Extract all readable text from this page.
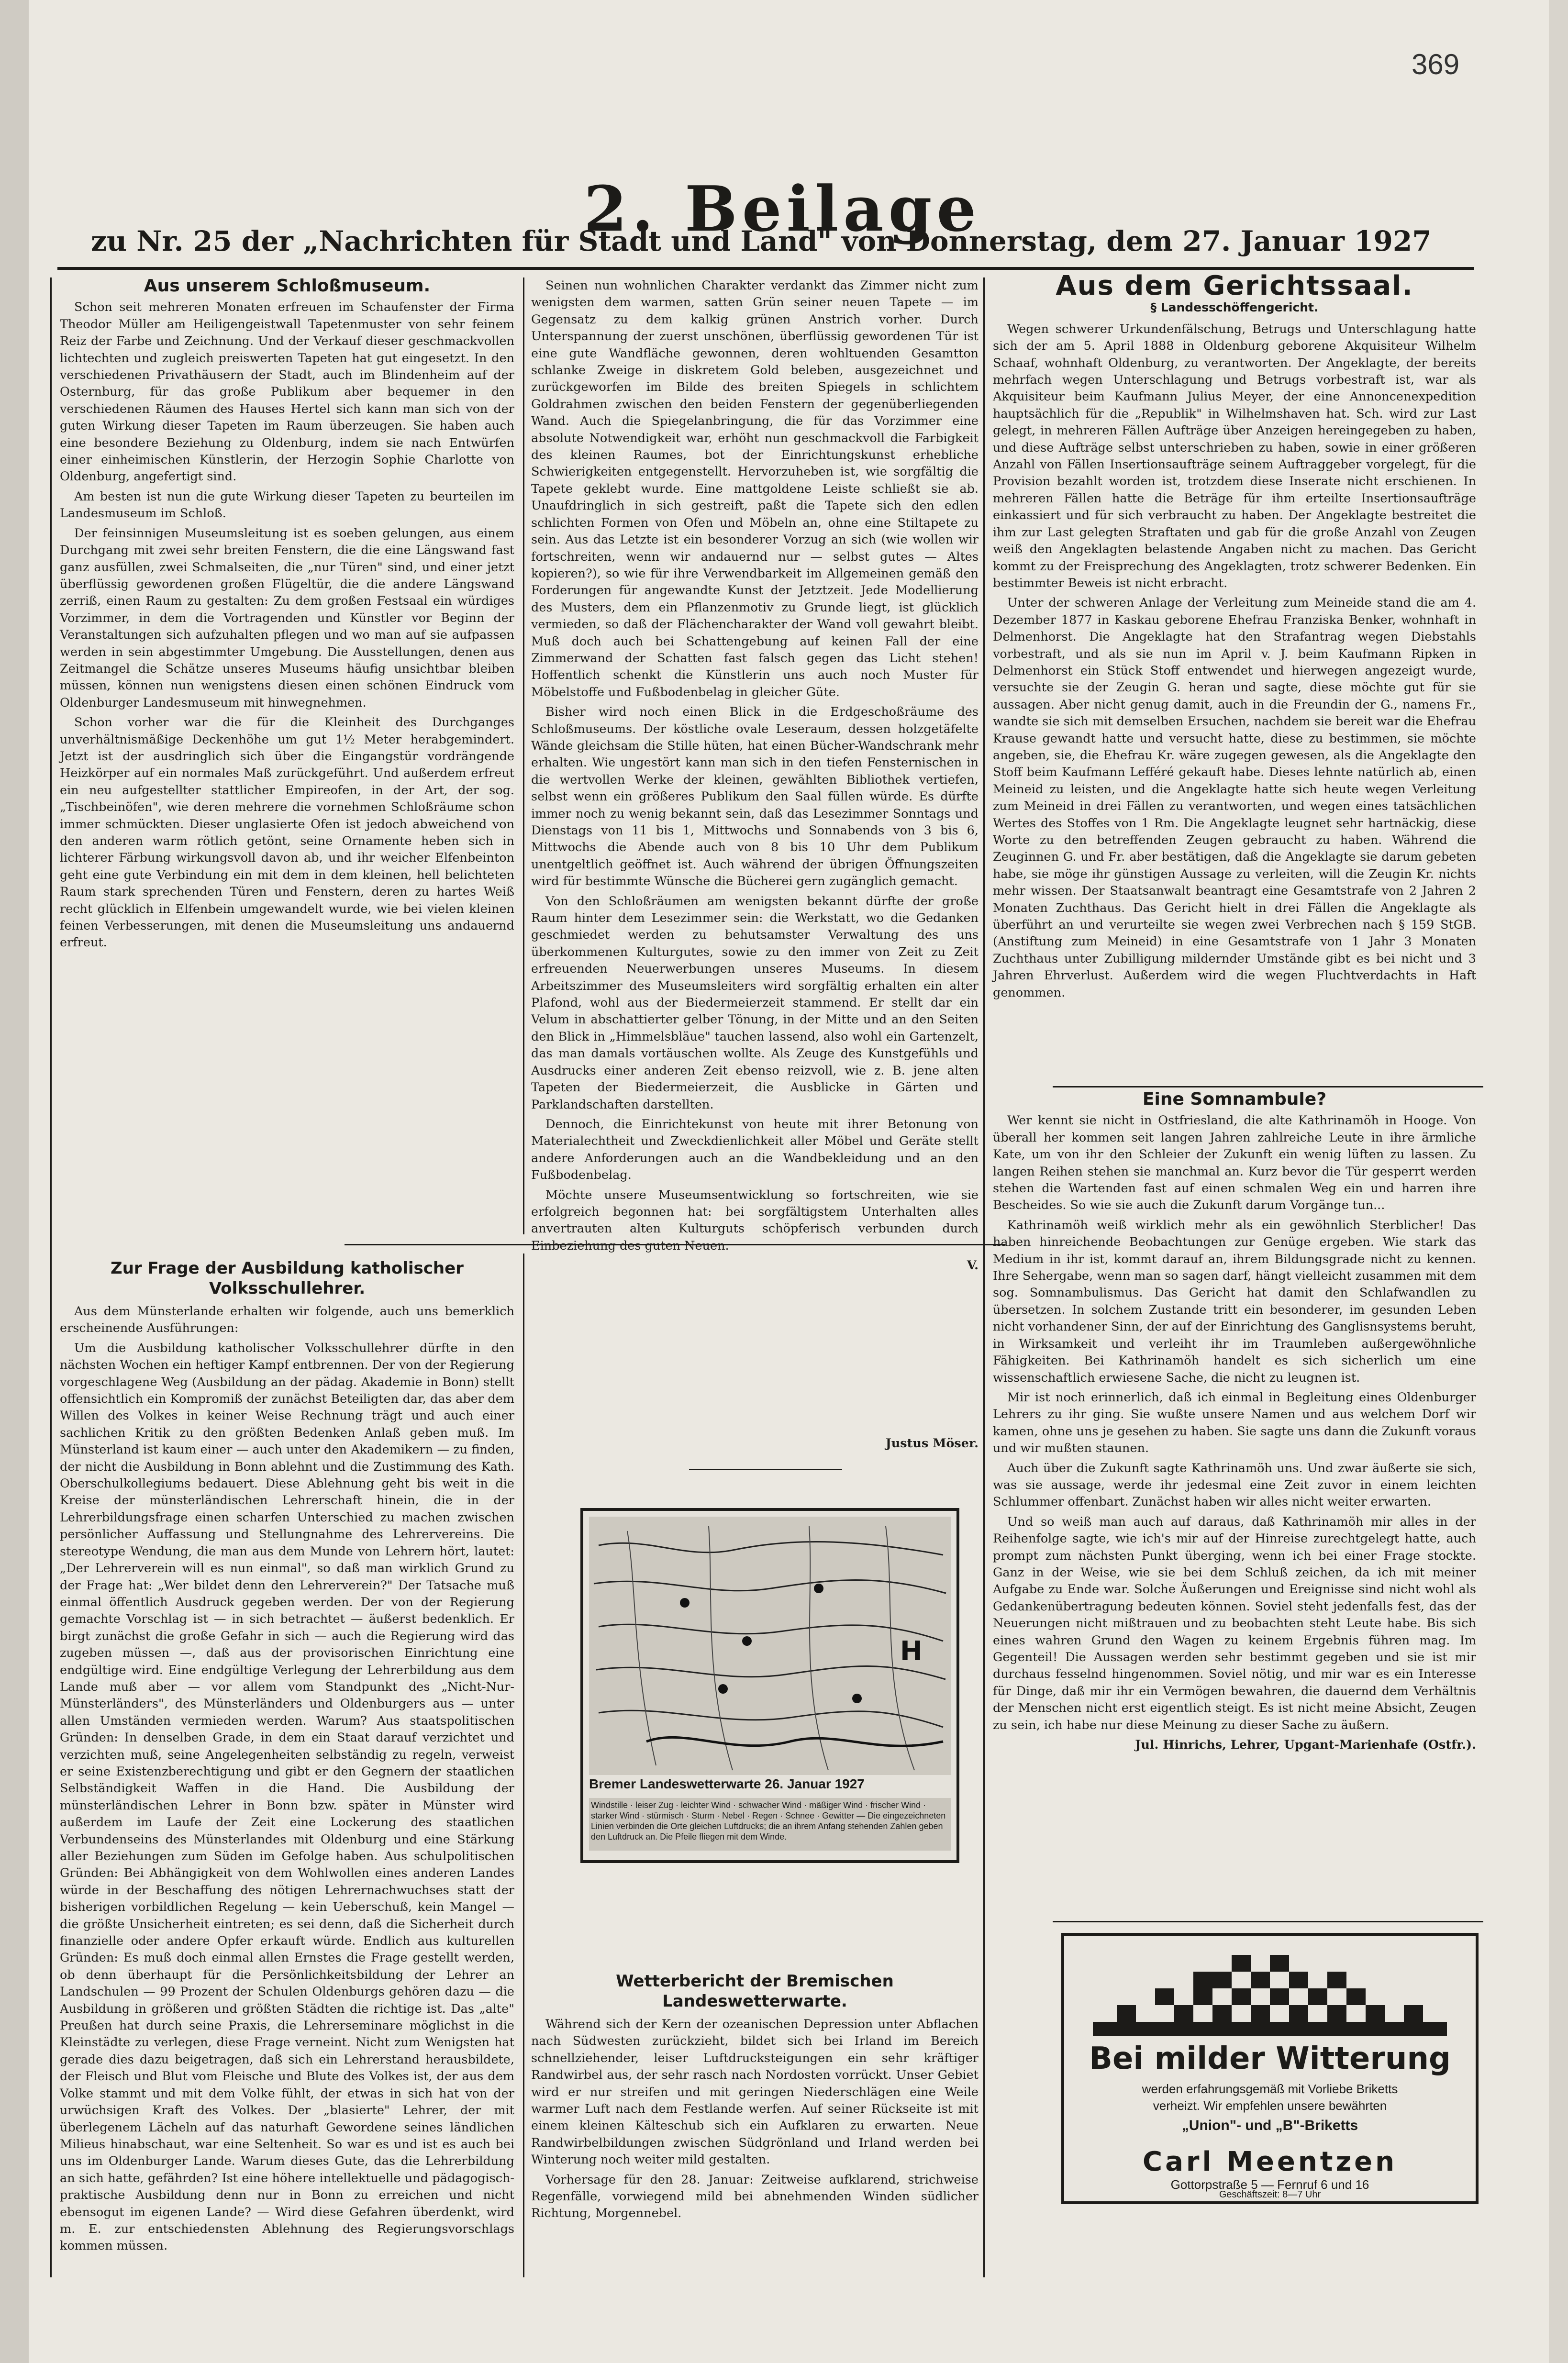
369
2. Beilage
zu Nr. 25 der „Nachrichten für Stadt und Land" von Donnerstag, dem 27. Januar 1927
Aus unserem Schloßmuseum.

Schon seit mehreren Monaten erfreuen im Schaufenster der Firma Theodor Müller am Heiligengeistwall Tapetenmuster von sehr feinem Reiz der Farbe und Zeichnung. Und der Verkauf dieser geschmackvollen lichtechten und zugleich preiswerten Tapeten hat gut eingesetzt. In den verschiedenen Privathäusern der Stadt, auch im Blindenheim auf der Osternburg, für das große Publikum aber bequemer in den verschiedenen Räumen des Hauses Hertel sich kann man sich von der guten Wirkung dieser Tapeten im Raum überzeugen. Sie haben auch eine besondere Beziehung zu Oldenburg, indem sie nach Entwürfen einer einheimischen Künstlerin, der Herzogin Sophie Charlotte von Oldenburg, angefertigt sind.

Am besten ist nun die gute Wirkung dieser Tapeten zu beurteilen im Landesmuseum im Schloß.

Der feinsinnigen Museumsleitung ist es soeben gelungen, aus einem Durchgang mit zwei sehr breiten Fenstern, die die eine Längswand fast ganz ausfüllen, zwei Schmalseiten, die „nur Türen" sind, und einer jetzt überflüssig gewordenen großen Flügeltür, die die andere Längswand zerriß, einen Raum zu gestalten: Zu dem großen Festsaal ein würdiges Vorzimmer, in dem die Vortragenden und Künstler vor Beginn der Veranstaltungen sich aufzuhalten pflegen und wo man auf sie aufpassen werden in sein abgestimmter Umgebung. Die Ausstellungen, denen aus Zeitmangel die Schätze unseres Museums häufig unsichtbar bleiben müssen, können nun wenigstens diesen einen schönen Eindruck vom Oldenburger Landesmuseum mit hinwegnehmen.

Schon vorher war die für die Kleinheit des Durchganges unverhältnismäßige Deckenhöhe um gut 1½ Meter herabgemindert. Jetzt ist der ausdringlich sich über die Eingangstür vordrängende Heizkörper auf ein normales Maß zurückgeführt. Und außerdem erfreut ein neu aufgestellter stattlicher Empireofen, in der Art, der sog. „Tischbeinöfen", wie deren mehrere die vornehmen Schloßräume schon immer schmückten. Dieser unglasierte Ofen ist jedoch abweichend von den anderen warm rötlich getönt, seine Ornamente heben sich in lichterer Färbung wirkungsvoll davon ab, und ihr weicher Elfenbeinton geht eine gute Verbindung ein mit dem in dem kleinen, hell belichteten Raum stark sprechenden Türen und Fenstern, deren zu hartes Weiß recht glücklich in Elfenbein umgewandelt wurde, wie bei vielen kleinen feinen Verbesserungen, mit denen die Museumsleitung uns andauernd erfreut.

Seinen nun wohnlichen Charakter verdankt das Zimmer nicht zum wenigsten dem warmen, satten Grün seiner neuen Tapete — im Gegensatz zu dem kalkig grünen Anstrich vorher. Durch Unterspannung der zuerst unschönen, überflüssig gewordenen Tür ist eine gute Wandfläche gewonnen, deren wohltuenden Gesamtton schlanke Zweige in diskretem Gold beleben, ausgezeichnet und zurückgeworfen im Bilde des breiten Spiegels in schlichtem Goldrahmen zwischen den beiden Fenstern der gegenüberliegenden Wand. Auch die Spiegelanbringung, die für das Vorzimmer eine absolute Notwendigkeit war, erhöht nun geschmackvoll die Farbigkeit des kleinen Raumes, bot der Einrichtungskunst erhebliche Schwierigkeiten entgegenstellt. Hervorzuheben ist, wie sorgfältig die Tapete geklebt wurde. Eine mattgoldene Leiste schließt sie ab. Unaufdringlich in sich gestreift, paßt die Tapete sich den edlen schlichten Formen von Ofen und Möbeln an, ohne eine Stiltapete zu sein. Aus das Letzte ist ein besonderer Vorzug an sich (wie wollen wir fortschreiten, wenn wir andauernd nur — selbst gutes — Altes kopieren?), so wie für ihre Verwendbarkeit im Allgemeinen gemäß den Forderungen für angewandte Kunst der Jetztzeit. Jede Modellierung des Musters, dem ein Pflanzenmotiv zu Grunde liegt, ist glücklich vermieden, so daß der Flächencharakter der Wand voll gewahrt bleibt. Muß doch auch bei Schattengebung auf keinen Fall der eine Zimmerwand der Schatten fast falsch gegen das Licht stehen! Hoffentlich schenkt die Künstlerin uns auch noch Muster für Möbelstoffe und Fußbodenbelag in gleicher Güte.

Bisher wird noch einen Blick in die Erdgeschoßräume des Schloßmuseums. Der köstliche ovale Leseraum, dessen holzgetäfelte Wände gleichsam die Stille hüten, hat einen Bücher-Wandschrank mehr erhalten. Wie ungestört kann man sich in den tiefen Fensternischen in die wertvollen Werke der kleinen, gewählten Bibliothek vertiefen, selbst wenn ein größeres Publikum den Saal füllen würde. Es dürfte immer noch zu wenig bekannt sein, daß das Lesezimmer Sonntags und Dienstags von 11 bis 1, Mittwochs und Sonnabends von 3 bis 6, Mittwochs die Abende auch von 8 bis 10 Uhr dem Publikum unentgeltlich geöffnet ist. Auch während der übrigen Öffnungszeiten wird für bestimmte Wünsche die Bücherei gern zugänglich gemacht.

Von den Schloßräumen am wenigsten bekannt dürfte der große Raum hinter dem Lesezimmer sein: die Werkstatt, wo die Gedanken geschmiedet werden zu behutsamster Verwaltung des uns überkommenen Kulturgutes, sowie zu den immer von Zeit zu Zeit erfreuenden Neuerwerbungen unseres Museums. In diesem Arbeitszimmer des Museumsleiters wird sorgfältig erhalten ein alter Plafond, wohl aus der Biedermeierzeit stammend. Er stellt dar ein Velum in abschattierter gelber Tönung, in der Mitte und an den Seiten den Blick in „Himmelsbläue" tauchen lassend, also wohl ein Gartenzelt, das man damals vortäuschen wollte. Als Zeuge des Kunstgefühls und Ausdrucks einer anderen Zeit ebenso reizvoll, wie z. B. jene alten Tapeten der Biedermeierzeit, die Ausblicke in Gärten und Parklandschaften darstellten.

Dennoch, die Einrichtekunst von heute mit ihrer Betonung von Materialechtheit und Zweckdienlichkeit aller Möbel und Geräte stellt andere Anforderungen auch an die Wandbekleidung und an den Fußbodenbelag.

Möchte unsere Museumsentwicklung so fortschreiten, wie sie erfolgreich begonnen hat: bei sorgfältigstem Unterhalten alles anvertrauten alten Kulturguts schöpferisch verbunden durch Einbeziehung des guten Neuen.

V.

Zur Frage der Ausbildung katholischer Volksschullehrer.

Aus dem Münsterlande erhalten wir folgende, auch uns bemerklich erscheinende Ausführungen:

Um die Ausbildung katholischer Volksschullehrer dürfte in den nächsten Wochen ein heftiger Kampf entbrennen. Der von der Regierung vorgeschlagene Weg (Ausbildung an der pädag. Akademie in Bonn) stellt offensichtlich ein Kompromiß der zunächst Beteiligten dar, das aber dem Willen des Volkes in keiner Weise Rechnung trägt und auch einer sachlichen Kritik zu den größten Bedenken Anlaß geben muß. Im Münsterland ist kaum einer — auch unter den Akademikern — zu finden, der nicht die Ausbildung in Bonn ablehnt und die Zustimmung des Kath. Oberschulkollegiums bedauert. Diese Ablehnung geht bis weit in die Kreise der münsterländischen Lehrerschaft hinein, die in der Lehrerbildungsfrage einen scharfen Unterschied zu machen zwischen persönlicher Auffassung und Stellungnahme des Lehrervereins. Die stereotype Wendung, die man aus dem Munde von Lehrern hört, lautet: „Der Lehrerverein will es nun einmal", so daß man wirklich Grund zu der Frage hat: „Wer bildet denn den Lehrerverein?" Der Tatsache muß einmal öffentlich Ausdruck gegeben werden. Der von der Regierung gemachte Vorschlag ist — in sich betrachtet — äußerst bedenklich. Er birgt zunächst die große Gefahr in sich — auch die Regierung wird das zugeben müssen —, daß aus der provisorischen Einrichtung eine endgültige wird. Eine endgültige Verlegung der Lehrerbildung aus dem Lande muß aber — vor allem vom Standpunkt des „Nicht-Nur-Münsterländers", des Münsterländers und Oldenburgers aus — unter allen Umständen vermieden werden. Warum? Aus staatspolitischen Gründen: In denselben Grade, in dem ein Staat darauf verzichtet und verzichten muß, seine Angelegenheiten selbständig zu regeln, verweist er seine Existenzberechtigung und gibt er den Gegnern der staatlichen Selbständigkeit Waffen in die Hand. Die Ausbildung der münsterländischen Lehrer in Bonn bzw. später in Münster wird außerdem im Laufe der Zeit eine Lockerung des staatlichen Verbundenseins des Münsterlandes mit Oldenburg und eine Stärkung aller Beziehungen zum Süden im Gefolge haben. Aus schulpolitischen Gründen: Bei Abhängigkeit von dem Wohlwollen eines anderen Landes würde in der Beschaffung des nötigen Lehrernachwuchses statt der bisherigen vorbildlichen Regelung — kein Ueberschuß, kein Mangel — die größte Unsicherheit eintreten; es sei denn, daß die Sicherheit durch finanzielle oder andere Opfer erkauft würde. Endlich aus kulturellen Gründen: Es muß doch einmal allen Ernstes die Frage gestellt werden, ob denn überhaupt für die Persönlichkeitsbildung der Lehrer an Landschulen — 99 Prozent der Schulen Oldenburgs gehören dazu — die Ausbildung in größeren und größten Städten die richtige ist. Das „alte" Preußen hat durch seine Praxis, die Lehrerseminare möglichst in die Kleinstädte zu verlegen, diese Frage verneint. Nicht zum Wenigsten hat gerade dies dazu beigetragen, daß sich ein Lehrerstand herausbildete, der Fleisch und Blut vom Fleische und Blute des Volkes ist, der aus dem Volke stammt und mit dem Volke fühlt, der etwas in sich hat von der urwüchsigen Kraft des Volkes. Der „blasierte" Lehrer, der mit überlegenem Lächeln auf das naturhaft Gewordene seines ländlichen Milieus hinabschaut, war eine Seltenheit. So war es und ist es auch bei uns im Oldenburger Lande. Warum dieses Gute, das die Lehrerbildung an sich hatte, gefährden? Ist eine höhere intellektuelle und pädagogisch-praktische Ausbildung denn nur in Bonn zu erreichen und nicht ebensogut im eigenen Lande? — Wird diese Gefahren überdenkt, wird m. E. zur entschiedensten Ablehnung des Regierungsvorschlags kommen müssen.

Justus Möser.

H
Bremer Landeswetterwarte 26. Januar 1927
Windstille · leiser Zug · leichter Wind · schwacher Wind · mäßiger Wind · frischer Wind · starker Wind · stürmisch · Sturm · Nebel · Regen · Schnee · Gewitter — Die eingezeichneten Linien verbinden die Orte gleichen Luftdrucks; die an ihrem Anfang stehenden Zahlen geben den Luftdruck an. Die Pfeile fliegen mit dem Winde.
Wetterbericht der Bremischen Landeswetterwarte.

Während sich der Kern der ozeanischen Depression unter Abflachen nach Südwesten zurückzieht, bildet sich bei Irland im Bereich schnellziehender, leiser Luftdrucksteigungen ein sehr kräftiger Randwirbel aus, der sehr rasch nach Nordosten vorrückt. Unser Gebiet wird er nur streifen und mit geringen Niederschlägen eine Weile warmer Luft nach dem Festlande werfen. Auf seiner Rückseite ist mit einem kleinen Kälteschub sich ein Aufklaren zu erwarten. Neue Randwirbelbildungen zwischen Südgrönland und Irland werden bei Winterung noch weiter mild gestalten.

Vorhersage für den 28. Januar: Zeitweise aufklarend, strichweise Regenfälle, vorwiegend mild bei abnehmenden Winden südlicher Richtung, Morgennebel.

Aus dem Gerichtssaal.
§ Landesschöffengericht.

Wegen schwerer Urkundenfälschung, Betrugs und Unterschlagung hatte sich der am 5. April 1888 in Oldenburg geborene Akquisiteur Wilhelm Schaaf, wohnhaft Oldenburg, zu verantworten. Der Angeklagte, der bereits mehrfach wegen Unterschlagung und Betrugs vorbestraft ist, war als Akquisiteur beim Kaufmann Julius Meyer, der eine Annoncenexpedition hauptsächlich für die „Republik" in Wilhelmshaven hat. Sch. wird zur Last gelegt, in mehreren Fällen Aufträge über Anzeigen hereingegeben zu haben, und diese Aufträge selbst unterschrieben zu haben, sowie in einer größeren Anzahl von Fällen Insertionsaufträge seinem Auftraggeber vorgelegt, für die Provision bezahlt worden ist, trotzdem diese Inserate nicht erschienen. In mehreren Fällen hatte die Beträge für ihm erteilte Insertionsaufträge einkassiert und für sich verbraucht zu haben. Der Angeklagte bestreitet die ihm zur Last gelegten Straftaten und gab für die große Anzahl von Zeugen weiß den Angeklagten belastende Angaben nicht zu machen. Das Gericht kommt zu der Freisprechung des Angeklagten, trotz schwerer Bedenken. Ein bestimmter Beweis ist nicht erbracht.

Unter der schweren Anlage der Verleitung zum Meineide stand die am 4. Dezember 1877 in Kaskau geborene Ehefrau Franziska Benker, wohnhaft in Delmenhorst. Die Angeklagte hat den Strafantrag wegen Diebstahls vorbestraft, und als sie nun im April v. J. beim Kaufmann Ripken in Delmenhorst ein Stück Stoff entwendet und hierwegen angezeigt wurde, versuchte sie der Zeugin G. heran und sagte, diese möchte gut für sie aussagen. Aber nicht genug damit, auch in die Freundin der G., namens Fr., wandte sie sich mit demselben Ersuchen, nachdem sie bereit war die Ehefrau Krause gewandt hatte und versucht hatte, diese zu bestimmen, sie möchte angeben, sie, die Ehefrau Kr. wäre zugegen gewesen, als die Angeklagte den Stoff beim Kaufmann Lefféré gekauft habe. Dieses lehnte natürlich ab, einen Meineid zu leisten, und die Angeklagte hatte sich heute wegen Verleitung zum Meineid in drei Fällen zu verantworten, und wegen eines tatsächlichen Wertes des Stoffes von 1 Rm. Die Angeklagte leugnet sehr hartnäckig, diese Worte zu den betreffenden Zeugen gebraucht zu haben. Während die Zeuginnen G. und Fr. aber bestätigen, daß die Angeklagte sie darum gebeten habe, sie möge ihr günstigen Aussage zu verleiten, will die Zeugin Kr. nichts mehr wissen. Der Staatsanwalt beantragt eine Gesamtstrafe von 2 Jahren 2 Monaten Zuchthaus. Das Gericht hielt in drei Fällen die Angeklagte als überführt an und verurteilte sie wegen zwei Verbrechen nach § 159 StGB. (Anstiftung zum Meineid) in eine Gesamtstrafe von 1 Jahr 3 Monaten Zuchthaus unter Zubilligung mildernder Umstände gibt es bei nicht und 3 Jahren Ehrverlust. Außerdem wird die wegen Fluchtverdachts in Haft genommen.

Eine Somnambule?

Wer kennt sie nicht in Ostfriesland, die alte Kathrinamöh in Hooge. Von überall her kommen seit langen Jahren zahlreiche Leute in ihre ärmliche Kate, um von ihr den Schleier der Zukunft ein wenig lüften zu lassen. Zu langen Reihen stehen sie manchmal an. Kurz bevor die Tür gesperrt werden stehen die Wartenden fast auf einen schmalen Weg ein und harren ihre Bescheides. So wie sie auch die Zukunft darum Vorgänge tun...

Kathrinamöh weiß wirklich mehr als ein gewöhnlich Sterblicher! Das haben hinreichende Beobachtungen zur Genüge ergeben. Wie stark das Medium in ihr ist, kommt darauf an, ihrem Bildungsgrade nicht zu kennen. Ihre Sehergabe, wenn man so sagen darf, hängt vielleicht zusammen mit dem sog. Somnambulismus. Das Gericht hat damit den Schlafwandlen zu übersetzen. In solchem Zustande tritt ein besonderer, im gesunden Leben nicht vorhandener Sinn, der auf der Einrichtung des Ganglisnsystems beruht, in Wirksamkeit und verleiht ihr im Traumleben außergewöhnliche Fähigkeiten. Bei Kathrinamöh handelt es sich sicherlich um eine wissenschaftlich erwiesene Sache, die nicht zu leugnen ist.

Mir ist noch erinnerlich, daß ich einmal in Begleitung eines Oldenburger Lehrers zu ihr ging. Sie wußte unsere Namen und aus welchem Dorf wir kamen, ohne uns je gesehen zu haben. Sie sagte uns dann die Zukunft voraus und wir mußten staunen.

Auch über die Zukunft sagte Kathrinamöh uns. Und zwar äußerte sie sich, was sie aussage, werde ihr jedesmal eine Zeit zuvor in einem leichten Schlummer offenbart. Zunächst haben wir alles nicht weiter erwarten.

Und so weiß man auch auf daraus, daß Kathrinamöh mir alles in der Reihenfolge sagte, wie ich's mir auf der Hinreise zurechtgelegt hatte, auch prompt zum nächsten Punkt überging, wenn ich bei einer Frage stockte. Ganz in der Weise, wie sie bei dem Schluß zeichen, da ich mit meiner Aufgabe zu Ende war. Solche Äußerungen und Ereignisse sind nicht wohl als Gedankenübertragung bedeuten können. Soviel steht jedenfalls fest, das der Neuerungen nicht mißtrauen und zu beobachten steht Leute habe. Bis sich eines wahren Grund den Wagen zu keinem Ergebnis führen mag. Im Gegenteil! Die Aussagen werden sehr bestimmt gegeben und sie ist mir durchaus fesselnd hingenommen. Soviel nötig, und mir war es ein Interesse für Dinge, daß mir ihr ein Vermögen bewahren, die dauernd dem Verhältnis der Menschen nicht erst eigentlich steigt. Es ist nicht meine Absicht, Zeugen zu sein, ich habe nur diese Meinung zu dieser Sache zu äußern.

Jul. Hinrichs, Lehrer, Upgant-Marienhafe (Ostfr.).

Bei milder Witterung
werden erfahrungsgemäß mit Vorliebe Briketts
verheizt. Wir empfehlen unsere bewährten
„Union"- und „B"-Briketts
Carl Meentzen
Gottorpstraße 5 — Fernruf 6 und 16
Geschäftszeit: 8—7 Uhr
